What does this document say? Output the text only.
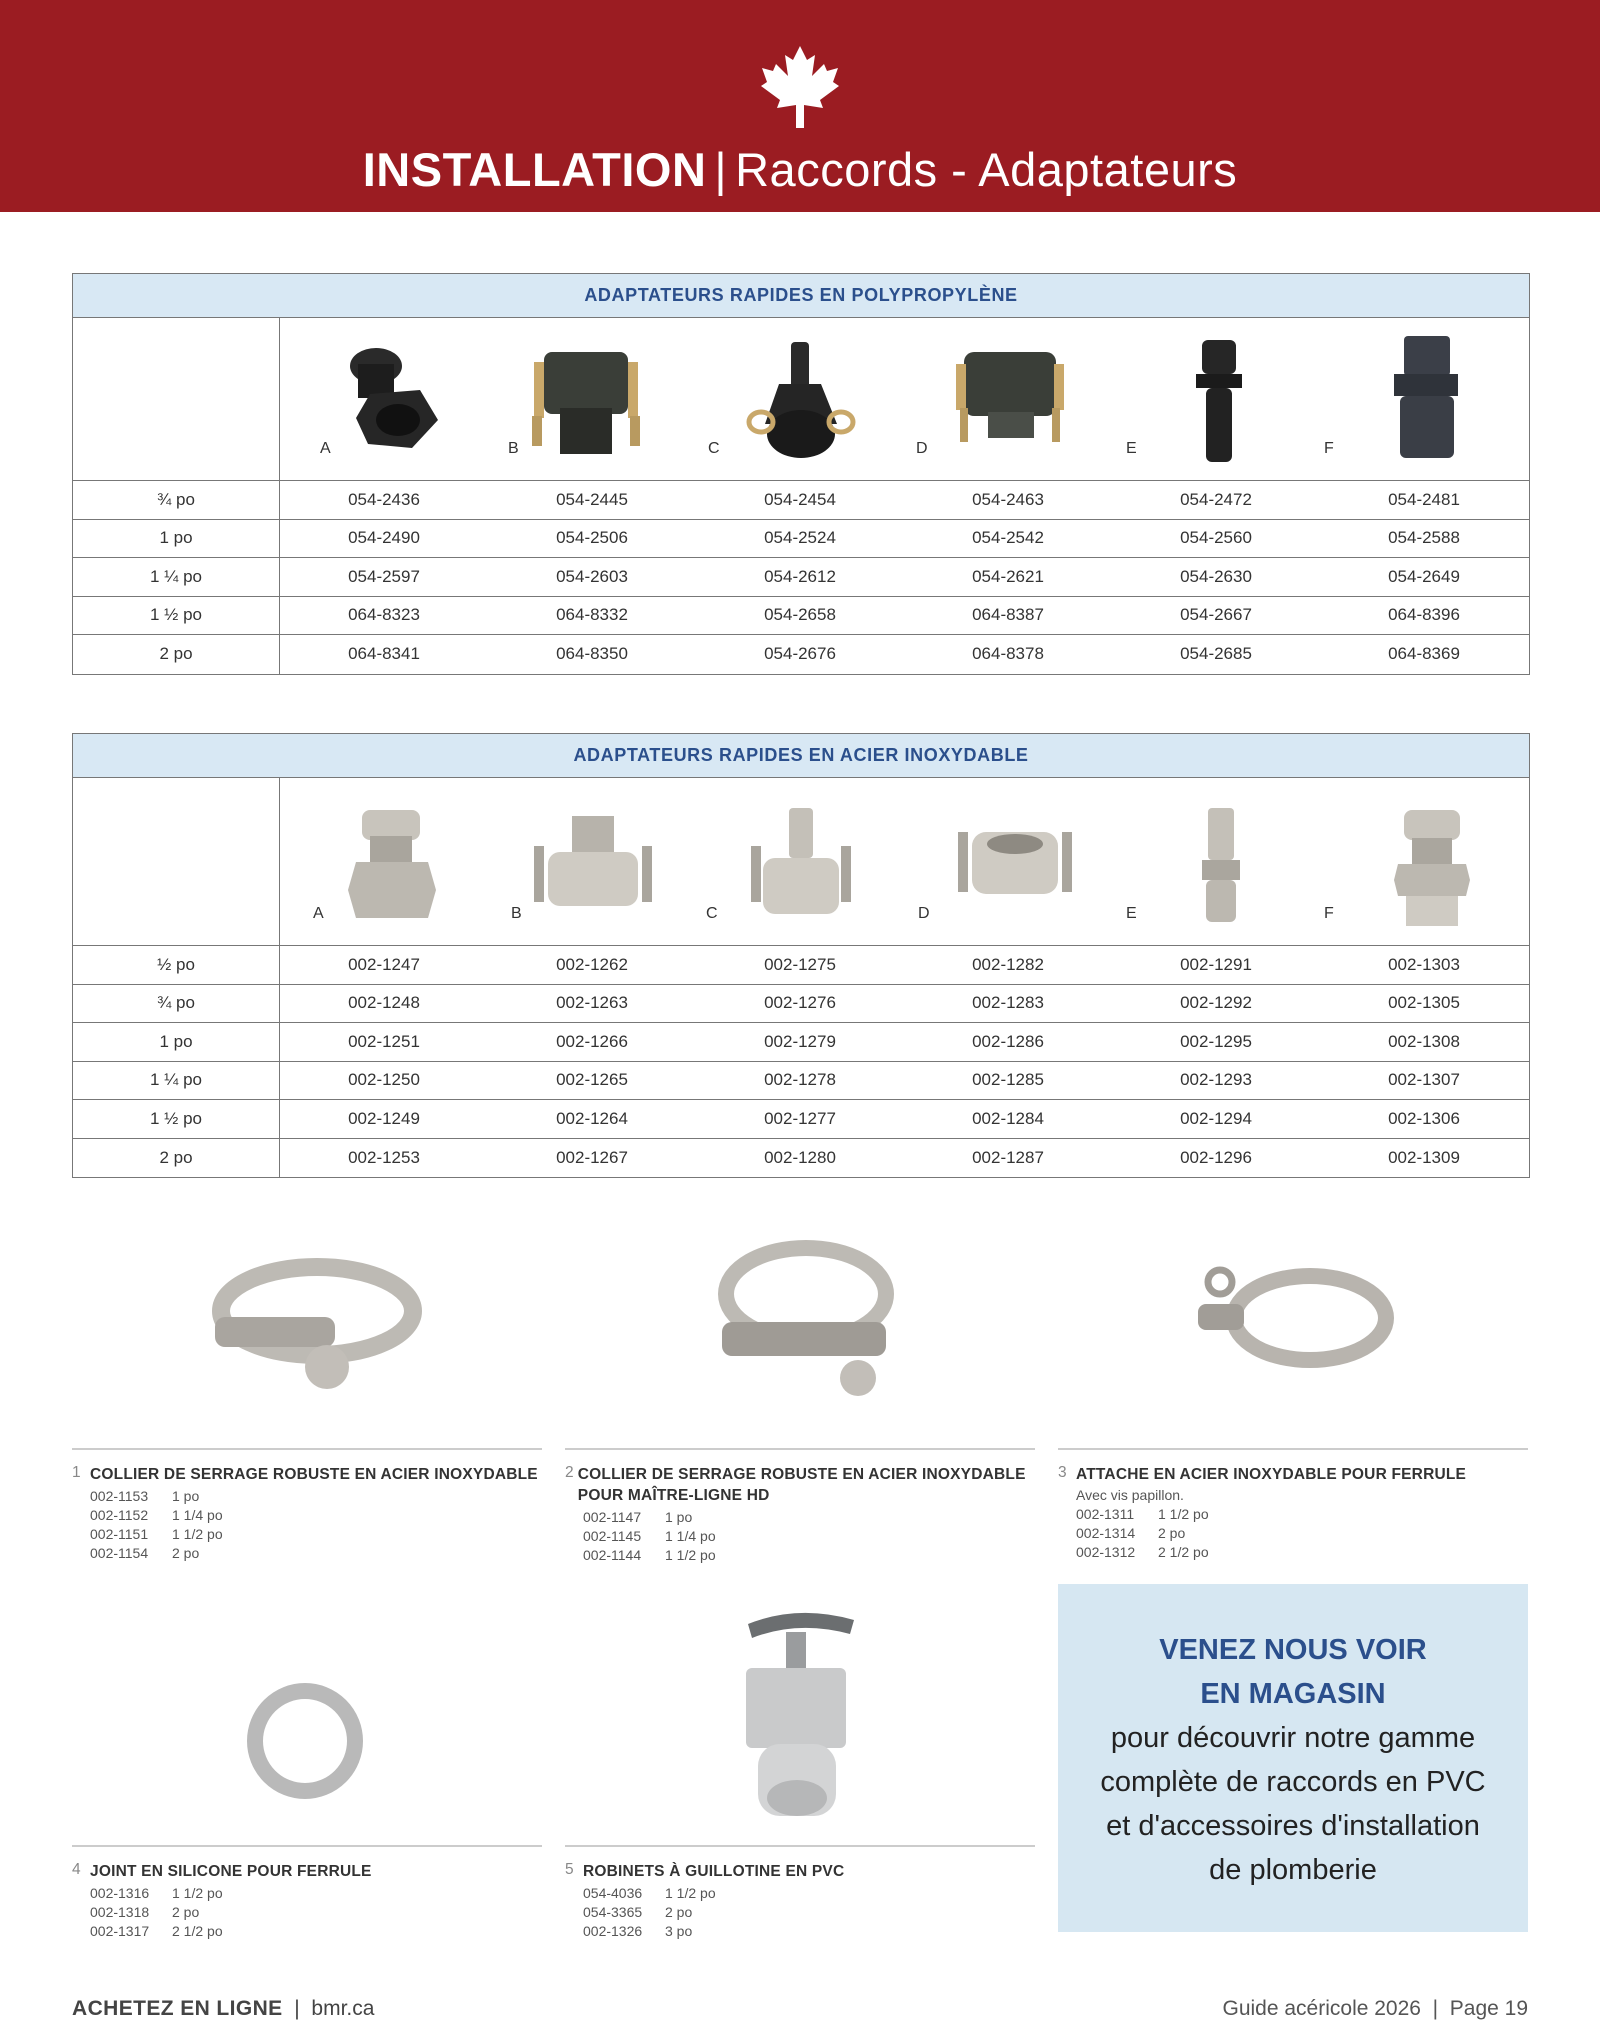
INSTALLATION | Raccords - Adaptateurs
ADAPTATEURS RAPIDES EN POLYPROPYLÈNE
A	B	C	D	E	F
¾ po	054-2436	054-2445	054-2454	054-2463	054-2472	054-2481
1 po	054-2490	054-2506	054-2524	054-2542	054-2560	054-2588
1 ¼ po	054-2597	054-2603	054-2612	054-2621	054-2630	054-2649
1 ½ po	064-8323	064-8332	054-2658	064-8387	054-2667	064-8396
2 po	064-8341	064-8350	054-2676	064-8378	054-2685	064-8369
ADAPTATEURS RAPIDES EN ACIER INOXYDABLE
A	B	C	D	E	F
½ po	002-1247	002-1262	002-1275	002-1282	002-1291	002-1303
¾ po	002-1248	002-1263	002-1276	002-1283	002-1292	002-1305
1 po	002-1251	002-1266	002-1279	002-1286	002-1295	002-1308
1 ¼ po	002-1250	002-1265	002-1278	002-1285	002-1293	002-1307
1 ½ po	002-1249	002-1264	002-1277	002-1284	002-1294	002-1306
2 po	002-1253	002-1267	002-1280	002-1287	002-1296	002-1309
1 COLLIER DE SERRAGE ROBUSTE EN ACIER INOXYDABLE
002-1153	1 po
002-1152	1 1/4 po
002-1151	1 1/2 po
002-1154	2 po
2 COLLIER DE SERRAGE ROBUSTE EN ACIER INOXYDABLE POUR MAÎTRE-LIGNE HD
002-1147	1 po
002-1145	1 1/4 po
002-1144	1 1/2 po
3 ATTACHE EN ACIER INOXYDABLE POUR FERRULE
Avec vis papillon.
002-1311	1 1/2 po
002-1314	2 po
002-1312	2 1/2 po
4 JOINT EN SILICONE POUR FERRULE
002-1316	1 1/2 po
002-1318	2 po
002-1317	2 1/2 po
5 ROBINETS À GUILLOTINE EN PVC
054-4036	1 1/2 po
054-3365	2 po
002-1326	3 po
VENEZ NOUS VOIR
EN MAGASIN
pour découvrir notre gamme
complète de raccords en PVC
et d'accessoires d'installation
de plomberie
ACHETEZ EN LIGNE | bmr.ca	Guide acéricole 2026  |  Page 19
